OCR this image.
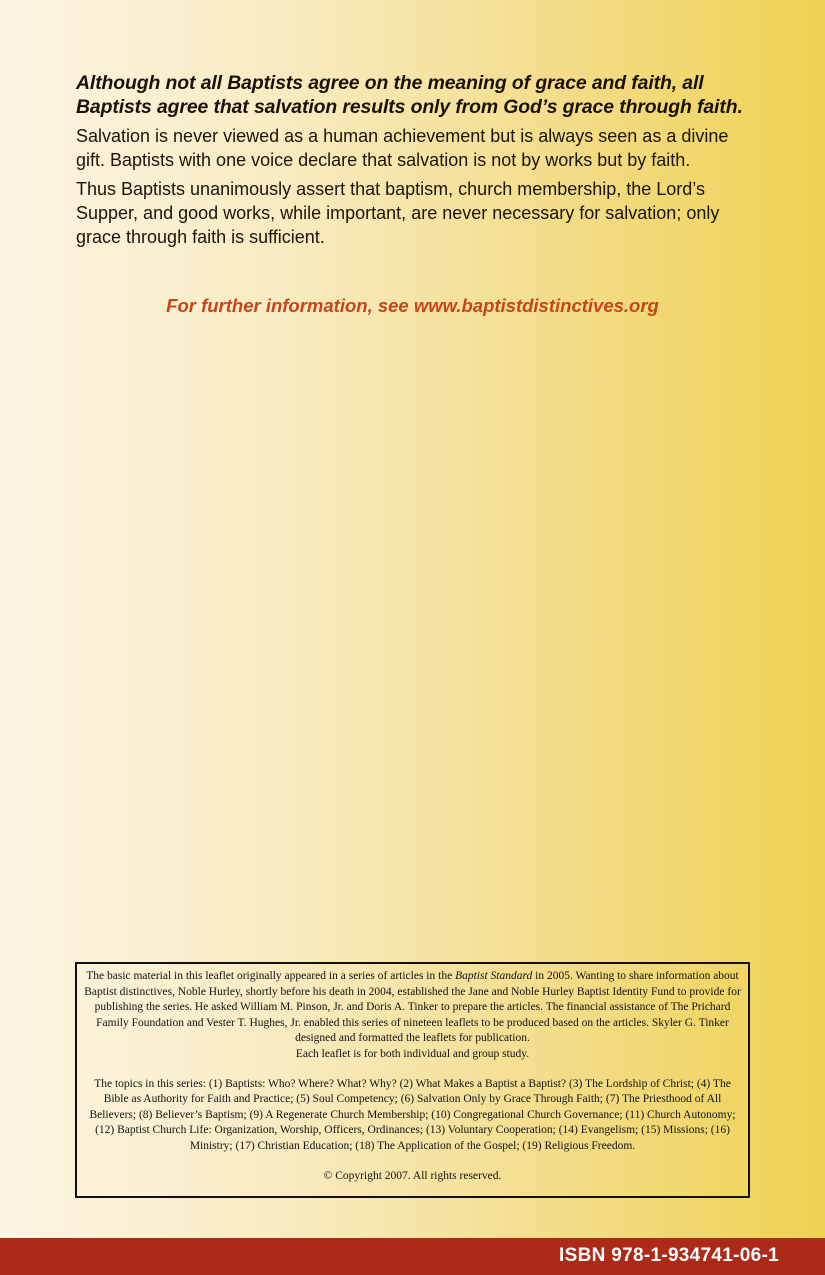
Although not all Baptists agree on the meaning of grace and faith, all Baptists agree that salvation results only from God’s grace through faith.

Salvation is never viewed as a human achievement but is always seen as a divine gift. Baptists with one voice declare that salvation is not by works but by faith.

Thus Baptists unanimously assert that baptism, church membership, the Lord’s Supper, and good works, while important, are never necessary for salvation; only grace through faith is sufficient.

For further information, see www.baptistdistinctives.org

The basic material in this leaflet originally appeared in a series of articles in the Baptist Standard in 2005. Wanting to share information about Baptist distinctives, Noble Hurley, shortly before his death in 2004, established the Jane and Noble Hurley Baptist Identity Fund to provide for publishing the series. He asked William M. Pinson, Jr. and Doris A. Tinker to prepare the articles. The financial assistance of The Prichard Family Foundation and Vester T. Hughes, Jr. enabled this series of nineteen leaflets to be produced based on the articles. Skyler G. Tinker designed and formatted the leaflets for publication.

Each leaflet is for both individual and group study.

The topics in this series: (1) Baptists: Who? Where? What? Why? (2) What Makes a Baptist a Baptist? (3) The Lordship of Christ; (4) The Bible as Authority for Faith and Practice; (5) Soul Competency; (6) Salvation Only by Grace Through Faith; (7) The Priesthood of All Believers; (8) Believer’s Baptism; (9) A Regenerate Church Membership; (10) Congregational Church Governance; (11) Church Autonomy; (12) Baptist Church Life: Organization, Worship, Officers, Ordinances; (13) Voluntary Cooperation; (14) Evangelism; (15) Missions; (16) Ministry; (17) Christian Education; (18) The Application of the Gospel; (19) Religious Freedom.

© Copyright 2007. All rights reserved.

ISBN 978-1-934741-06-1
